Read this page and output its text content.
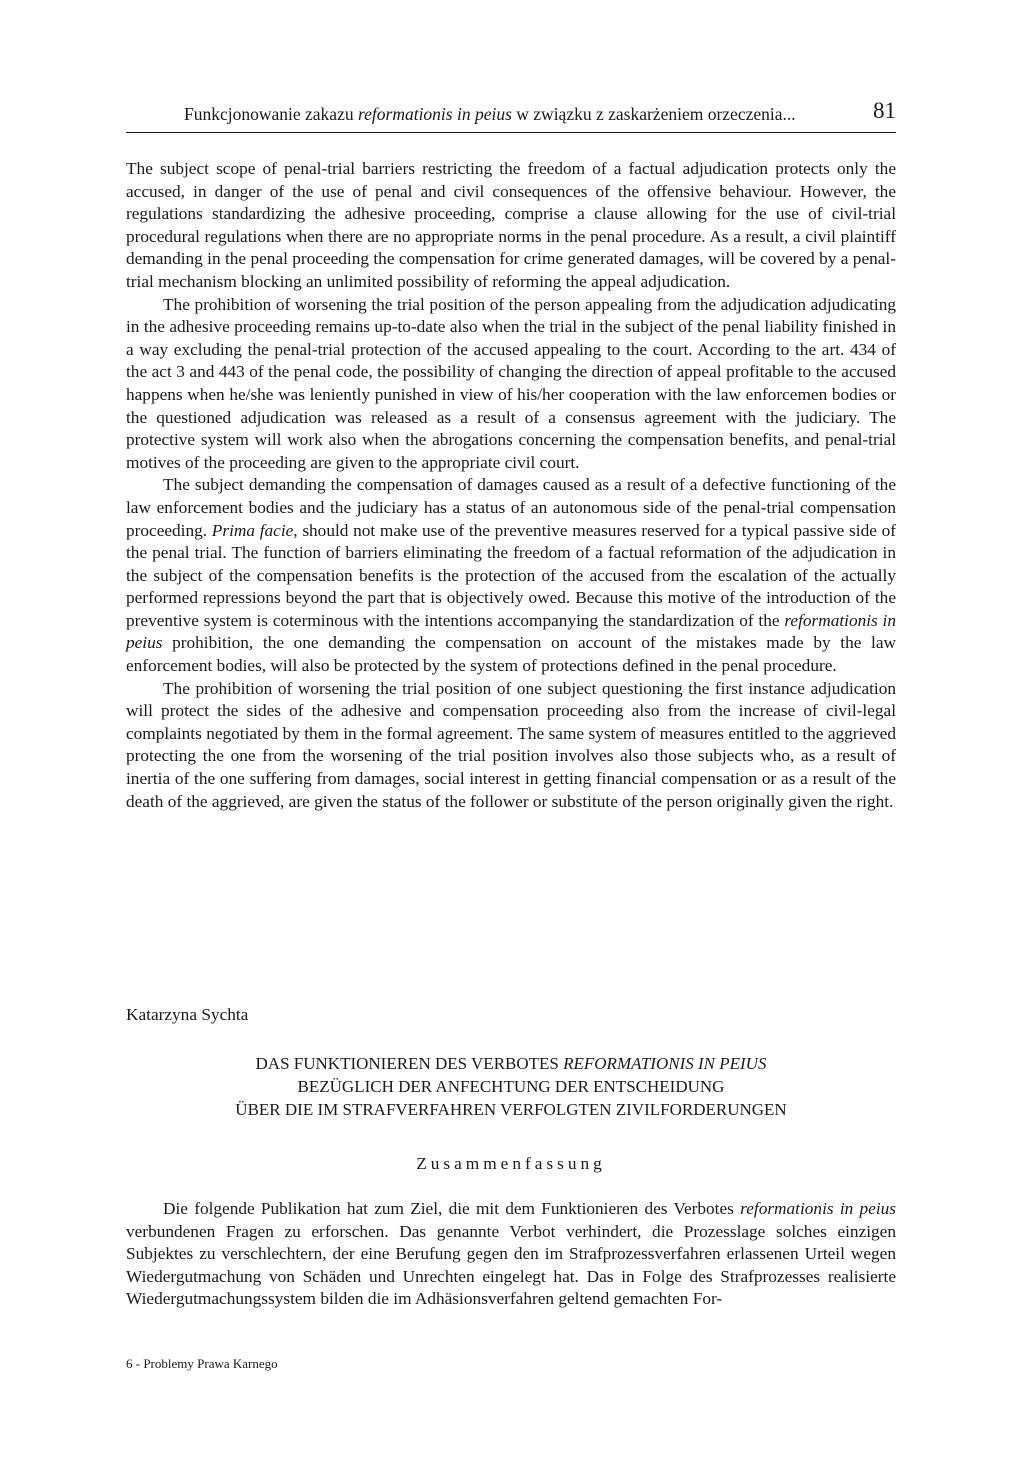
Funkcjonowanie zakazu reformationis in peius w związku z zaskarżeniem orzeczenia...	81

The subject scope of penal-trial barriers restricting the freedom of a factual adjudication protects only the accused, in danger of the use of penal and civil consequences of the offensive behaviour. However, the regulations standardizing the adhesive proceeding, comprise a clause allowing for the use of civil-trial procedural regulations when there are no appropriate norms in the penal procedure. As a result, a civil plaintiff demanding in the penal proceeding the compensation for crime generated damages, will be covered by a penal-trial mechanism blocking an unlimited possibility of reforming the appeal adjudication.

The prohibition of worsening the trial position of the person appealing from the adjudication adjudicating in the adhesive proceeding remains up-to-date also when the trial in the subject of the penal liability finished in a way excluding the penal-trial protection of the accused appealing to the court. According to the art. 434 of the act 3 and 443 of the penal code, the possibility of changing the direction of appeal profitable to the accused happens when he/she was leniently punished in view of his/her cooperation with the law enforcemen bodies or the questioned adjudication was released as a result of a consensus agreement with the judiciary. The protective system will work also when the abrogations concerning the compensation benefits, and penal-trial motives of the proceeding are given to the appropriate civil court.

The subject demanding the compensation of damages caused as a result of a defective functioning of the law enforcement bodies and the judiciary has a status of an autonomous side of the penal-trial compensation proceeding. Prima facie, should not make use of the preventive measures reserved for a typical passive side of the penal trial. The function of barriers eliminating the freedom of a factual reformation of the adjudication in the subject of the compensation benefits is the protection of the accused from the escalation of the actually performed repressions beyond the part that is objectively owed. Because this motive of the introduction of the preventive system is coterminous with the intentions accompanying the standardization of the reformationis in peius prohibition, the one demanding the compensation on account of the mistakes made by the law enforcement bodies, will also be protected by the system of protections defined in the penal procedure.

The prohibition of worsening the trial position of one subject questioning the first instance adjudication will protect the sides of the adhesive and compensation proceeding also from the increase of civil-legal complaints negotiated by them in the formal agreement. The same system of measures entitled to the aggrieved protecting the one from the worsening of the trial position involves also those subjects who, as a result of inertia of the one suffering from damages, social interest in getting financial compensation or as a result of the death of the aggrieved, are given the status of the follower or substitute of the person originally given the right.

Katarzyna Sychta
DAS FUNKTIONIEREN DES VERBOTES REFORMATIONIS IN PEIUS
BEZÜGLICH DER ANFECHTUNG DER ENTSCHEIDUNG
ÜBER DIE IM STRAFVERFAHREN VERFOLGTEN ZIVILFORDERUNGEN
Zusammenfassung

Die folgende Publikation hat zum Ziel, die mit dem Funktionieren des Verbotes reformationis in peius verbundenen Fragen zu erforschen. Das genannte Verbot verhindert, die Prozesslage solches einzigen Subjektes zu verschlechtern, der eine Berufung gegen den im Strafprozessverfahren erlassenen Urteil wegen Wiedergutmachung von Schäden und Unrechten eingelegt hat. Das in Folge des Strafprozesses realisierte Wiedergutmachungssystem bilden die im Adhäsionsverfahren geltend gemachten For-

6 - Problemy Prawa Karnego
